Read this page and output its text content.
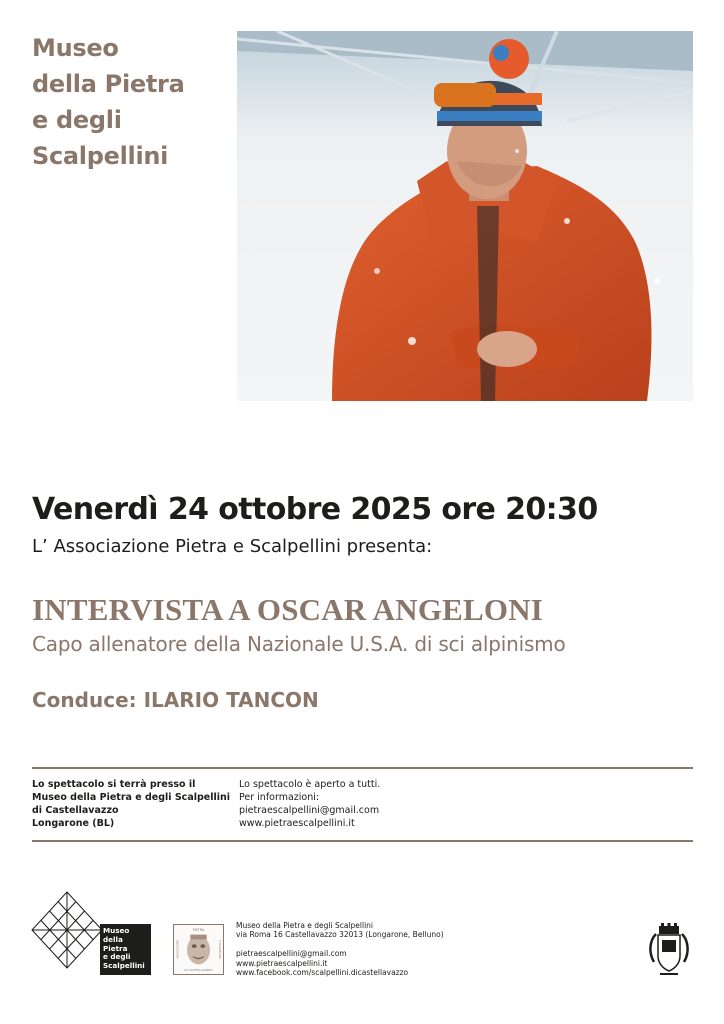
Museo
della Pietra
e degli
Scalpellini
Venerdì 24 ottobre 2025 ore 20:30
L’ Associazione Pietra e Scalpellini presenta:
INTERVISTA A OSCAR ANGELONI
Capo allenatore della Nazionale U.S.A. di sci alpinismo
Conduce: ILARIO TANCON
Lo spettacolo si terrà presso il
Museo della Pietra e degli Scalpellini
di Castellavazzo
Longarone (BL)
Lo spettacolo è aperto a tutti.
Per informazioni:
pietraescalpellini@gmail.com
www.pietraescalpellini.it
Museo
della
Pietra
e degli
Scalpellini
PIETRA
DI CASTELLAVAZZO
ASSOCIAZIONE	E SCALPELLINI
Museo della Pietra e degli Scalpellini
via Roma 16 Castellavazzo 32013 (Longarone, Belluno)
pietraescalpellini@gmail.com
www.pietraescalpellini.it
www.facebook.com/scalpellini.dicastellavazzo
